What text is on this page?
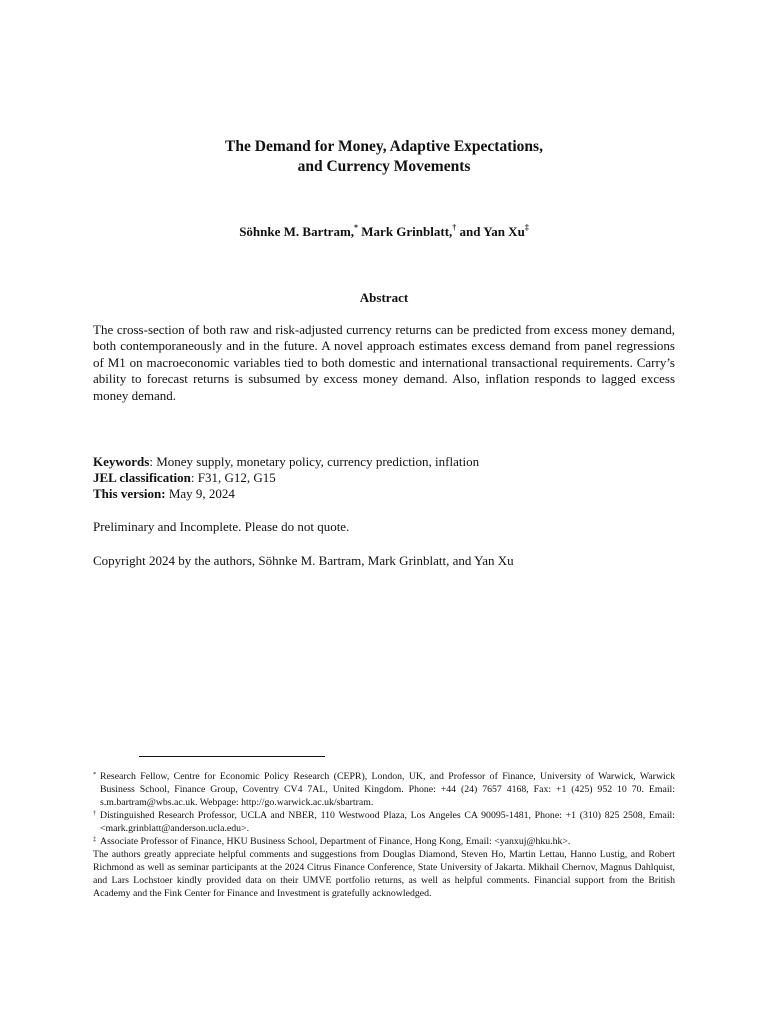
The Demand for Money, Adaptive Expectations,
and Currency Movements
Söhnke M. Bartram,* Mark Grinblatt,† and Yan Xu‡
Abstract
The cross-section of both raw and risk-adjusted currency returns can be predicted from excess money demand, both contemporaneously and in the future. A novel approach estimates excess demand from panel regressions of M1 on macroeconomic variables tied to both domestic and international transactional requirements. Carry’s ability to forecast returns is subsumed by excess money demand. Also, inflation responds to lagged excess money demand.
Keywords: Money supply, monetary policy, currency prediction, inflation
JEL classification: F31, G12, G15
This version: May 9, 2024
Preliminary and Incomplete. Please do not quote.
Copyright 2024 by the authors, Söhnke M. Bartram, Mark Grinblatt, and Yan Xu
* Research Fellow, Centre for Economic Policy Research (CEPR), London, UK, and Professor of Finance, University of Warwick, Warwick Business School, Finance Group, Coventry CV4 7AL, United Kingdom. Phone: +44 (24) 7657 4168, Fax: +1 (425) 952 10 70. Email: s.m.bartram@wbs.ac.uk. Webpage: http://go.warwick.ac.uk/sbartram.
† Distinguished Research Professor, UCLA and NBER, 110 Westwood Plaza, Los Angeles CA 90095-1481, Phone: +1 (310) 825 2508, Email: <mark.grinblatt@anderson.ucla.edu>.
‡ Associate Professor of Finance, HKU Business School, Department of Finance, Hong Kong, Email: <yanxuj@hku.hk>.
The authors greatly appreciate helpful comments and suggestions from Douglas Diamond, Steven Ho, Martin Lettau, Hanno Lustig, and Robert Richmond as well as seminar participants at the 2024 Citrus Finance Conference, State University of Jakarta. Mikhail Chernov, Magnus Dahlquist, and Lars Lochstoer kindly provided data on their UMVE portfolio returns, as well as helpful comments. Financial support from the British Academy and the Fink Center for Finance and Investment is gratefully acknowledged.
